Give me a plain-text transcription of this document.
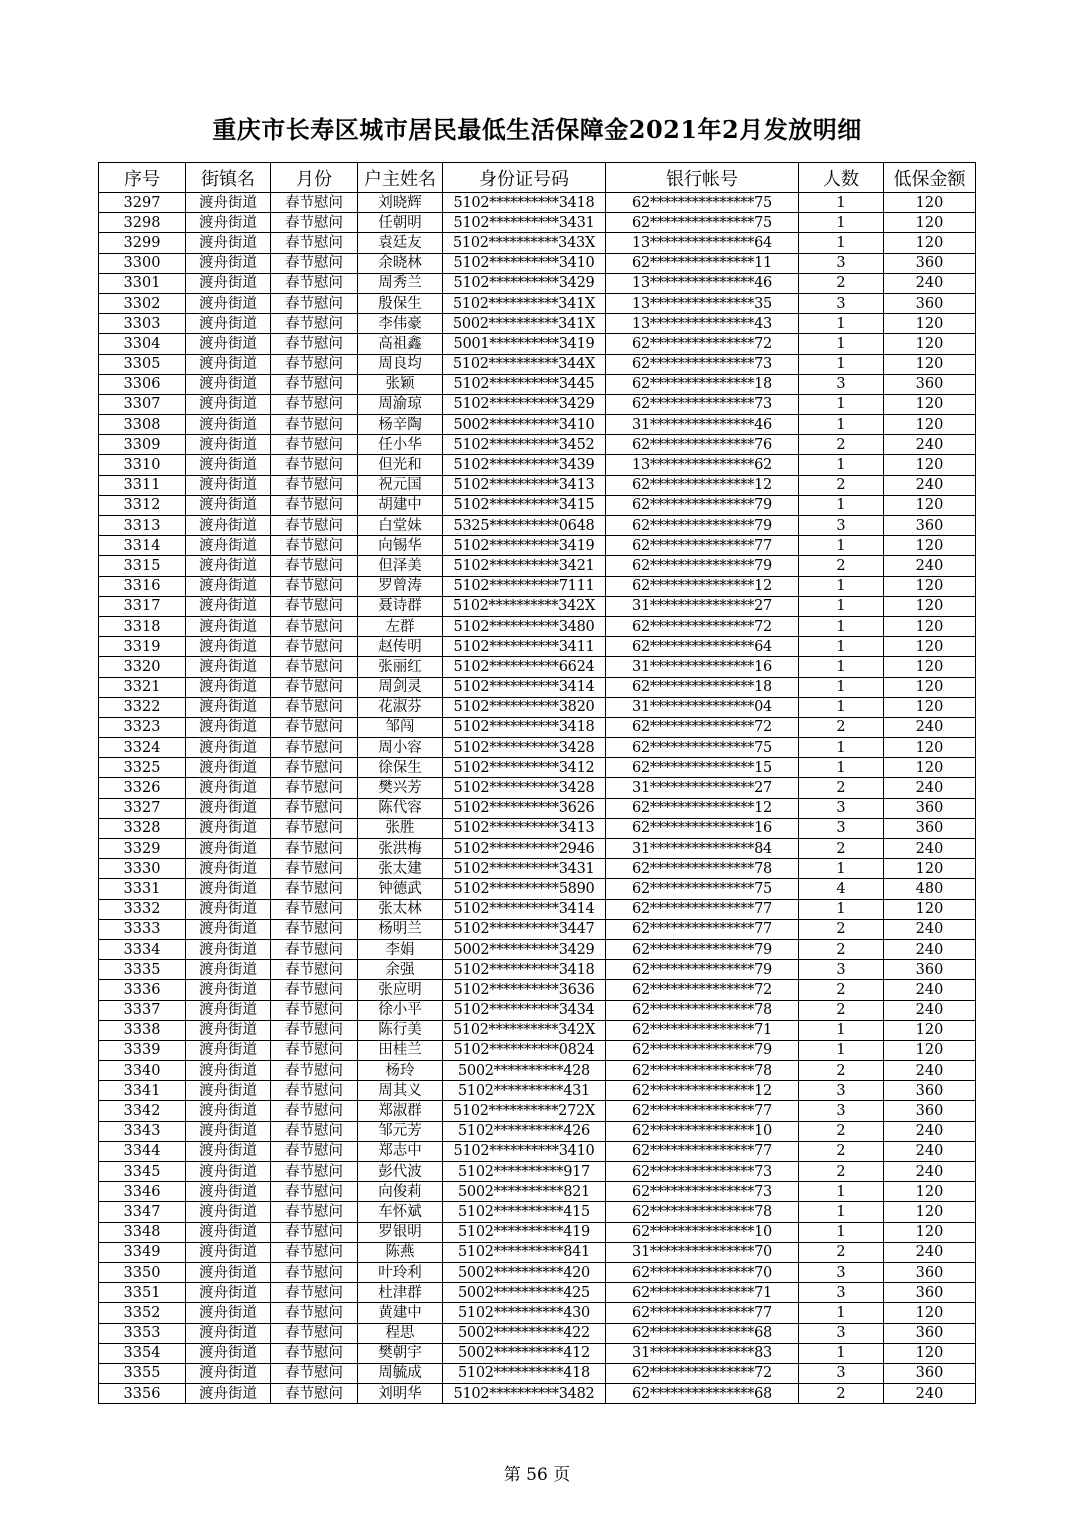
重庆市长寿区城市居民最低生活保障金2021年2月发放明细
序号	街镇名	月份	户主姓名	身份证号码	银行帐号	人数	低保金额
3297	渡舟街道	春节慰问	刘晓辉	5102**********3418	62***************75	1	120
3298	渡舟街道	春节慰问	任朝明	5102**********3431	62***************75	1	120
3299	渡舟街道	春节慰问	袁廷友	5102**********343X	13***************64	1	120
3300	渡舟街道	春节慰问	余晓林	5102**********3410	62***************11	3	360
3301	渡舟街道	春节慰问	周秀兰	5102**********3429	13***************46	2	240
3302	渡舟街道	春节慰问	殷保生	5102**********341X	13***************35	3	360
3303	渡舟街道	春节慰问	李伟豪	5002**********341X	13***************43	1	120
3304	渡舟街道	春节慰问	高祖鑫	5001**********3419	62***************72	1	120
3305	渡舟街道	春节慰问	周良均	5102**********344X	62***************73	1	120
3306	渡舟街道	春节慰问	张颖	5102**********3445	62***************18	3	360
3307	渡舟街道	春节慰问	周渝琼	5102**********3429	62***************73	1	120
3308	渡舟街道	春节慰问	杨辛陶	5002**********3410	31***************46	1	120
3309	渡舟街道	春节慰问	任小华	5102**********3452	62***************76	2	240
3310	渡舟街道	春节慰问	但光和	5102**********3439	13***************62	1	120
3311	渡舟街道	春节慰问	祝元国	5102**********3413	62***************12	2	240
3312	渡舟街道	春节慰问	胡建中	5102**********3415	62***************79	1	120
3313	渡舟街道	春节慰问	白堂妹	5325**********0648	62***************79	3	360
3314	渡舟街道	春节慰问	向锡华	5102**********3419	62***************77	1	120
3315	渡舟街道	春节慰问	但泽美	5102**********3421	62***************79	2	240
3316	渡舟街道	春节慰问	罗曾涛	5102**********7111	62***************12	1	120
3317	渡舟街道	春节慰问	聂诗群	5102**********342X	31***************27	1	120
3318	渡舟街道	春节慰问	左群	5102**********3480	62***************72	1	120
3319	渡舟街道	春节慰问	赵传明	5102**********3411	62***************64	1	120
3320	渡舟街道	春节慰问	张丽红	5102**********6624	31***************16	1	120
3321	渡舟街道	春节慰问	周剑灵	5102**********3414	62***************18	1	120
3322	渡舟街道	春节慰问	花淑芬	5102**********3820	31***************04	1	120
3323	渡舟街道	春节慰问	邹闯	5102**********3418	62***************72	2	240
3324	渡舟街道	春节慰问	周小容	5102**********3428	62***************75	1	120
3325	渡舟街道	春节慰问	徐保生	5102**********3412	62***************15	1	120
3326	渡舟街道	春节慰问	樊兴芳	5102**********3428	31***************27	2	240
3327	渡舟街道	春节慰问	陈代容	5102**********3626	62***************12	3	360
3328	渡舟街道	春节慰问	张胜	5102**********3413	62***************16	3	360
3329	渡舟街道	春节慰问	张洪梅	5102**********2946	31***************84	2	240
3330	渡舟街道	春节慰问	张太建	5102**********3431	62***************78	1	120
3331	渡舟街道	春节慰问	钟德武	5102**********5890	62***************75	4	480
3332	渡舟街道	春节慰问	张太林	5102**********3414	62***************77	1	120
3333	渡舟街道	春节慰问	杨明兰	5102**********3447	62***************77	2	240
3334	渡舟街道	春节慰问	李娟	5002**********3429	62***************79	2	240
3335	渡舟街道	春节慰问	余强	5102**********3418	62***************79	3	360
3336	渡舟街道	春节慰问	张应明	5102**********3636	62***************72	2	240
3337	渡舟街道	春节慰问	徐小平	5102**********3434	62***************78	2	240
3338	渡舟街道	春节慰问	陈行美	5102**********342X	62***************71	1	120
3339	渡舟街道	春节慰问	田桂兰	5102**********0824	62***************79	1	120
3340	渡舟街道	春节慰问	杨玲	5002**********428	62***************78	2	240
3341	渡舟街道	春节慰问	周其义	5102**********431	62***************12	3	360
3342	渡舟街道	春节慰问	郑淑群	5102**********272X	62***************77	3	360
3343	渡舟街道	春节慰问	邹元芳	5102**********426	62***************10	2	240
3344	渡舟街道	春节慰问	郑志中	5102**********3410	62***************77	2	240
3345	渡舟街道	春节慰问	彭代波	5102**********917	62***************73	2	240
3346	渡舟街道	春节慰问	向俊莉	5002**********821	62***************73	1	120
3347	渡舟街道	春节慰问	车怀斌	5102**********415	62***************78	1	120
3348	渡舟街道	春节慰问	罗银明	5102**********419	62***************10	1	120
3349	渡舟街道	春节慰问	陈燕	5102**********841	31***************70	2	240
3350	渡舟街道	春节慰问	叶玲利	5002**********420	62***************70	3	360
3351	渡舟街道	春节慰问	杜津群	5002**********425	62***************71	3	360
3352	渡舟街道	春节慰问	黄建中	5102**********430	62***************77	1	120
3353	渡舟街道	春节慰问	程思	5002**********422	62***************68	3	360
3354	渡舟街道	春节慰问	樊朝宇	5002**********412	31***************83	1	120
3355	渡舟街道	春节慰问	周毓成	5102**********418	62***************72	3	360
3356	渡舟街道	春节慰问	刘明华	5102**********3482	62***************68	2	240
第 56 页
